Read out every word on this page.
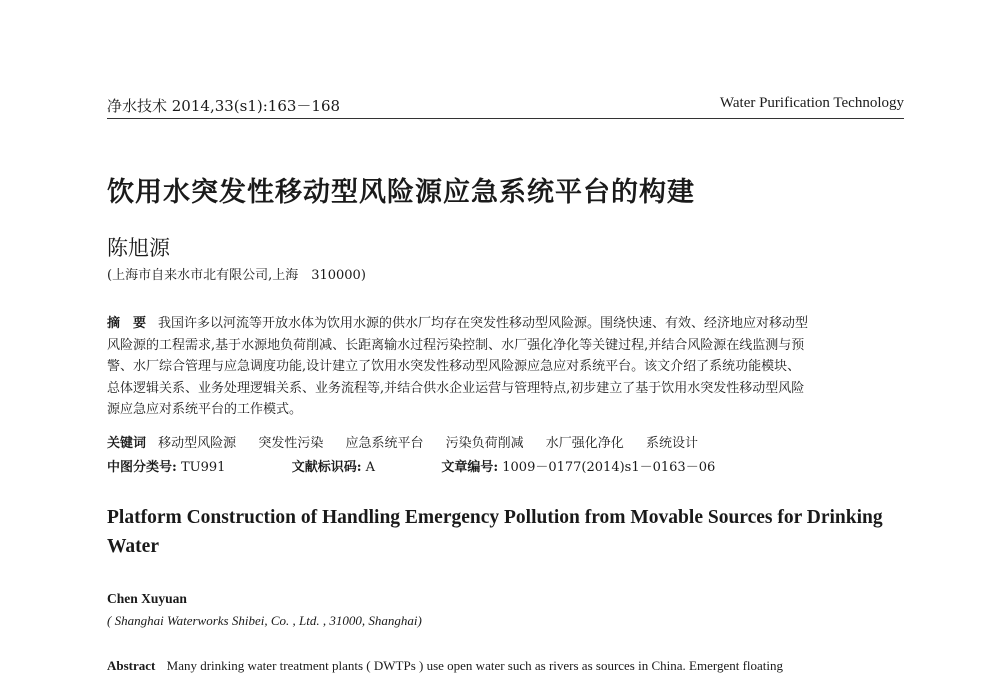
净水技术 2014,33(s1):163－168	Water Purification Technology
饮用水突发性移动型风险源应急系统平台的构建
陈旭源
(上海市自来水市北有限公司,上海　310000)
摘　要 我国许多以河流等开放水体为饮用水源的供水厂均存在突发性移动型风险源。围绕快速、有效、经济地应对移动型
风险源的工程需求,基于水源地负荷削减、长距离输水过程污染控制、水厂强化净化等关键过程,并结合风险源在线监测与预
警、水厂综合管理与应急调度功能,设计建立了饮用水突发性移动型风险源应急应对系统平台。该文介绍了系统功能模块、
总体逻辑关系、业务处理逻辑关系、业务流程等,并结合供水企业运营与管理特点,初步建立了基于饮用水突发性移动型风险
源应急应对系统平台的工作模式。
关键词 移动型风险源 突发性污染 应急系统平台 污染负荷削减 水厂强化净化 系统设计
中图分类号: TU991	文献标识码: A	文章编号: 1009－0177(2014)s1－0163－06
Platform Construction of Handling Emergency Pollution from Movable Sources for Drinking Water
Chen Xuyuan
( Shanghai Waterworks Shibei, Co. , Ltd. , 31000, Shanghai)
Abstract Many drinking water treatment plants ( DWTPs ) use open water such as rivers as sources in China. Emergent floating
